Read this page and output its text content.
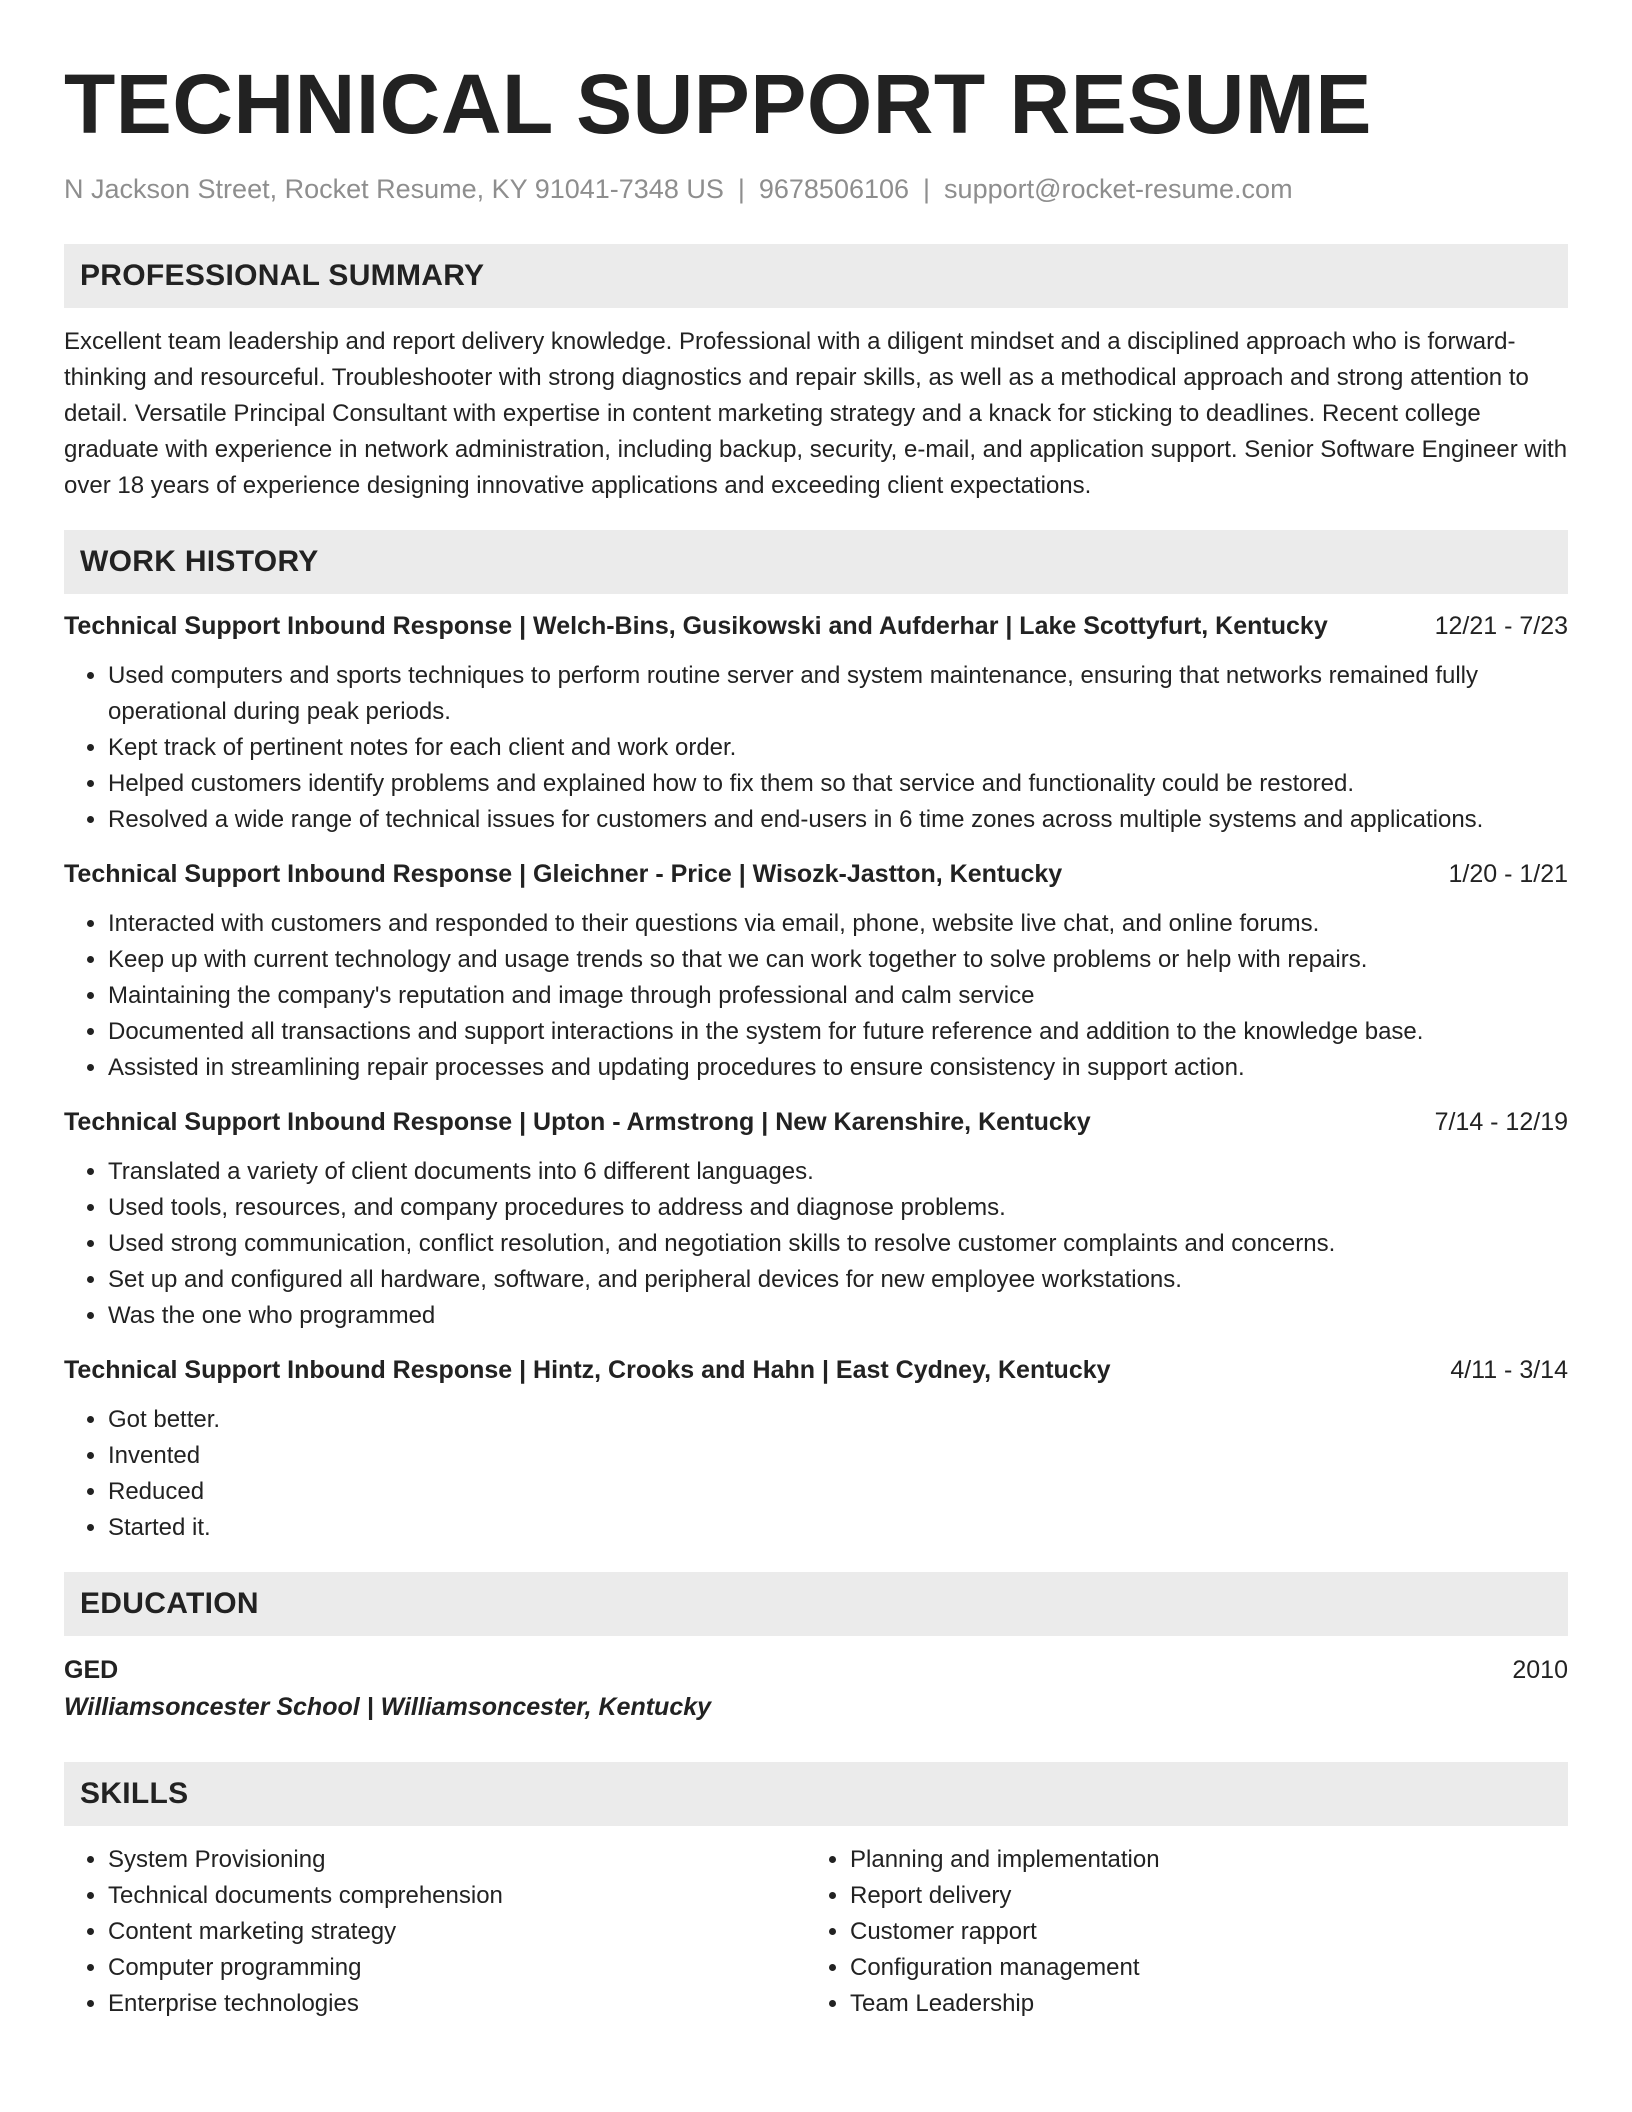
TECHNICAL SUPPORT RESUME
N Jackson Street, Rocket Resume, KY 91041-7348 US | 9678506106 | support@rocket-resume.com
PROFESSIONAL SUMMARY

Excellent team leadership and report delivery knowledge. Professional with a diligent mindset and a disciplined approach who is forward-thinking and resourceful. Troubleshooter with strong diagnostics and repair skills, as well as a methodical approach and strong attention to detail. Versatile Principal Consultant with expertise in content marketing strategy and a knack for sticking to deadlines. Recent college graduate with experience in network administration, including backup, security, e-mail, and application support. Senior Software Engineer with over 18 years of experience designing innovative applications and exceeding client expectations.

WORK HISTORY
Technical Support Inbound Response | Welch-Bins, Gusikowski and Aufderhar | Lake Scottyfurt, Kentucky	12/21 - 7/23
• Used computers and sports techniques to perform routine server and system maintenance, ensuring that networks remained fully operational during peak periods.
• Kept track of pertinent notes for each client and work order.
• Helped customers identify problems and explained how to fix them so that service and functionality could be restored.
• Resolved a wide range of technical issues for customers and end-users in 6 time zones across multiple systems and applications.
Technical Support Inbound Response | Gleichner - Price | Wisozk-Jastton, Kentucky	1/20 - 1/21
• Interacted with customers and responded to their questions via email, phone, website live chat, and online forums.
• Keep up with current technology and usage trends so that we can work together to solve problems or help with repairs.
• Maintaining the company's reputation and image through professional and calm service
• Documented all transactions and support interactions in the system for future reference and addition to the knowledge base.
• Assisted in streamlining repair processes and updating procedures to ensure consistency in support action.
Technical Support Inbound Response | Upton - Armstrong | New Karenshire, Kentucky	7/14 - 12/19
• Translated a variety of client documents into 6 different languages.
• Used tools, resources, and company procedures to address and diagnose problems.
• Used strong communication, conflict resolution, and negotiation skills to resolve customer complaints and concerns.
• Set up and configured all hardware, software, and peripheral devices for new employee workstations.
• Was the one who programmed
Technical Support Inbound Response | Hintz, Crooks and Hahn | East Cydney, Kentucky	4/11 - 3/14
• Got better.
• Invented
• Reduced
• Started it.
EDUCATION
GED	2010
Williamsoncester School | Williamsoncester, Kentucky
SKILLS
• System Provisioning
• Technical documents comprehension
• Content marketing strategy
• Computer programming
• Enterprise technologies
• Planning and implementation
• Report delivery
• Customer rapport
• Configuration management
• Team Leadership
